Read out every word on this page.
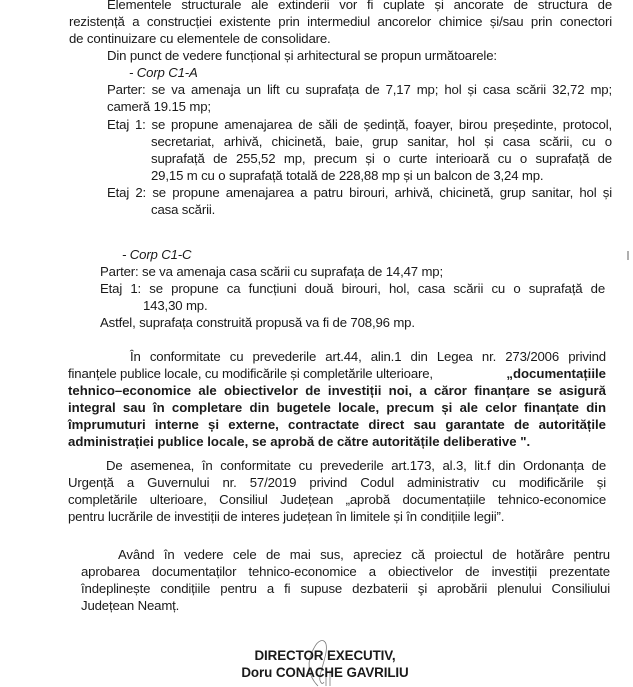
Elementele structurale ale extinderii vor fi cuplate și ancorate de structura de
rezistență a construcției existente prin intermediul ancorelor chimice și/sau prin conectori
de continuizare cu elementele de consolidare.
Din punct de vedere funcțional și arhitectural se propun următoarele:
- Corp C1-A
Parter: se va amenaja un lift cu suprafața de 7,17 mp; hol și casa scării 32,72 mp;
cameră 19.15 mp;
Etaj 1: se propune amenajarea de săli de ședință, foayer, birou președinte, protocol,
secretariat, arhivă, chicinetă, baie, grup sanitar, hol și casa scării, cu o
suprafață de 255,52 mp, precum și o curte interioară cu o suprafață de
29,15 m cu o suprafață totală de 228,88 mp și un balcon de 3,24 mp.
Etaj 2: se propune amenajarea a patru birouri, arhivă, chicinetă, grup sanitar, hol și
casa scării.
- Corp C1-C
Parter: se va amenaja casa scării cu suprafața de 14,47 mp;
Etaj 1: se propune ca funcțiuni două birouri, hol, casa scării cu o suprafață de
143,30 mp.
Astfel, suprafața construită propusă va fi de 708,96 mp.
În conformitate cu prevederile art.44, alin.1 din Legea nr. 273/2006 privind
finanțele publice locale, cu modificările și completările ulterioare,	„documentațiile
tehnico–economice ale obiectivelor de investiții noi, a căror finanțare se asigură
integral sau în completare din bugetele locale, precum și ale celor finanțate din
împrumuturi interne și externe, contractate direct sau garantate de autoritățile
administrației publice locale, se aprobă de către autoritățile deliberative ".
De asemenea, în conformitate cu prevederile art.173, al.3, lit.f din Ordonanța de
Urgență a Guvernului nr. 57/2019 privind Codul administrativ cu modificările și
completările ulterioare, Consiliul Județean „aprobă documentațiile tehnico-economice
pentru lucrările de investiții de interes județean în limitele și în condițiile legii”.
Având în vedere cele de mai sus, apreciez că proiectul de hotărâre pentru
aprobarea documentaților tehnico-economice a obiectivelor de investiții prezentate
îndeplinește condițiile pentru a fi supuse dezbaterii şi aprobării plenului Consiliului
Județean Neamț.
DIRECTOR EXECUTIV,
Doru CONACHE GAVRILIU
